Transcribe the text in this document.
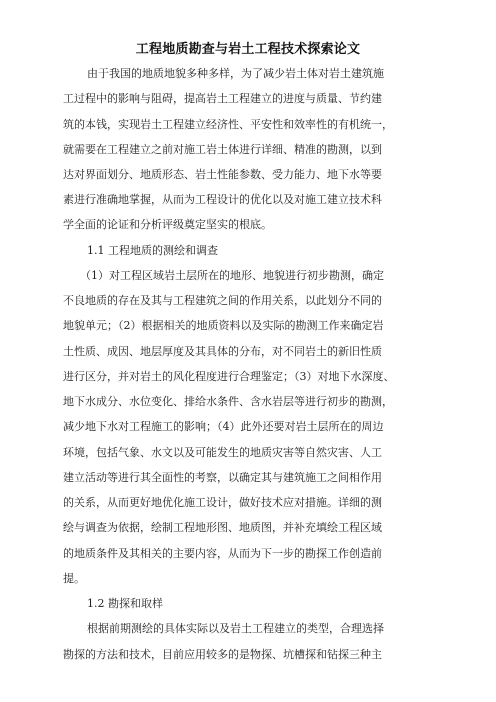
工程地质勘查与岩土工程技术探索论文
由于我国的地质地貌多种多样，为了减少岩土体对岩土建筑施
工过程中的影响与阻碍，提高岩土工程建立的进度与质量、节约建
筑的本钱，实现岩土工程建立经济性、平安性和效率性的有机统一，
就需要在工程建立之前对施工岩土体进行详细、精准的勘测，以到
达对界面划分、地质形态、岩土性能参数、受力能力、地下水等要
素进行准确地掌握，从而为工程设计的优化以及对施工建立技术科
学全面的论证和分析评级奠定坚实的根底。
1.1 工程地质的测绘和调查
（1）对工程区域岩土层所在的地形、地貌进行初步勘测，确定
不良地质的存在及其与工程建筑之间的作用关系，以此划分不同的
地貌单元；（2）根据相关的地质资料以及实际的勘测工作来确定岩
土性质、成因、地层厚度及其具体的分布，对不同岩土的新旧性质
进行区分，并对岩土的风化程度进行合理鉴定；（3）对地下水深度、
地下水成分、水位变化、排给水条件、含水岩层等进行初步的勘测，
减少地下水对工程施工的影响；（4）此外还要对岩土层所在的周边
环境，包括气象、水文以及可能发生的地质灾害等自然灾害、人工
建立活动等进行其全面性的考察，以确定其与建筑施工之间相作用
的关系，从而更好地优化施工设计，做好技术应对措施。详细的测
绘与调查为依据，绘制工程地形图、地质图，并补充填绘工程区域
的地质条件及其相关的主要内容，从而为下一步的勘探工作创造前
提。
1.2 勘探和取样
根据前期测绘的具体实际以及岩土工程建立的类型，合理选择
勘探的方法和技术，目前应用较多的是物探、坑槽探和钻探三种主
